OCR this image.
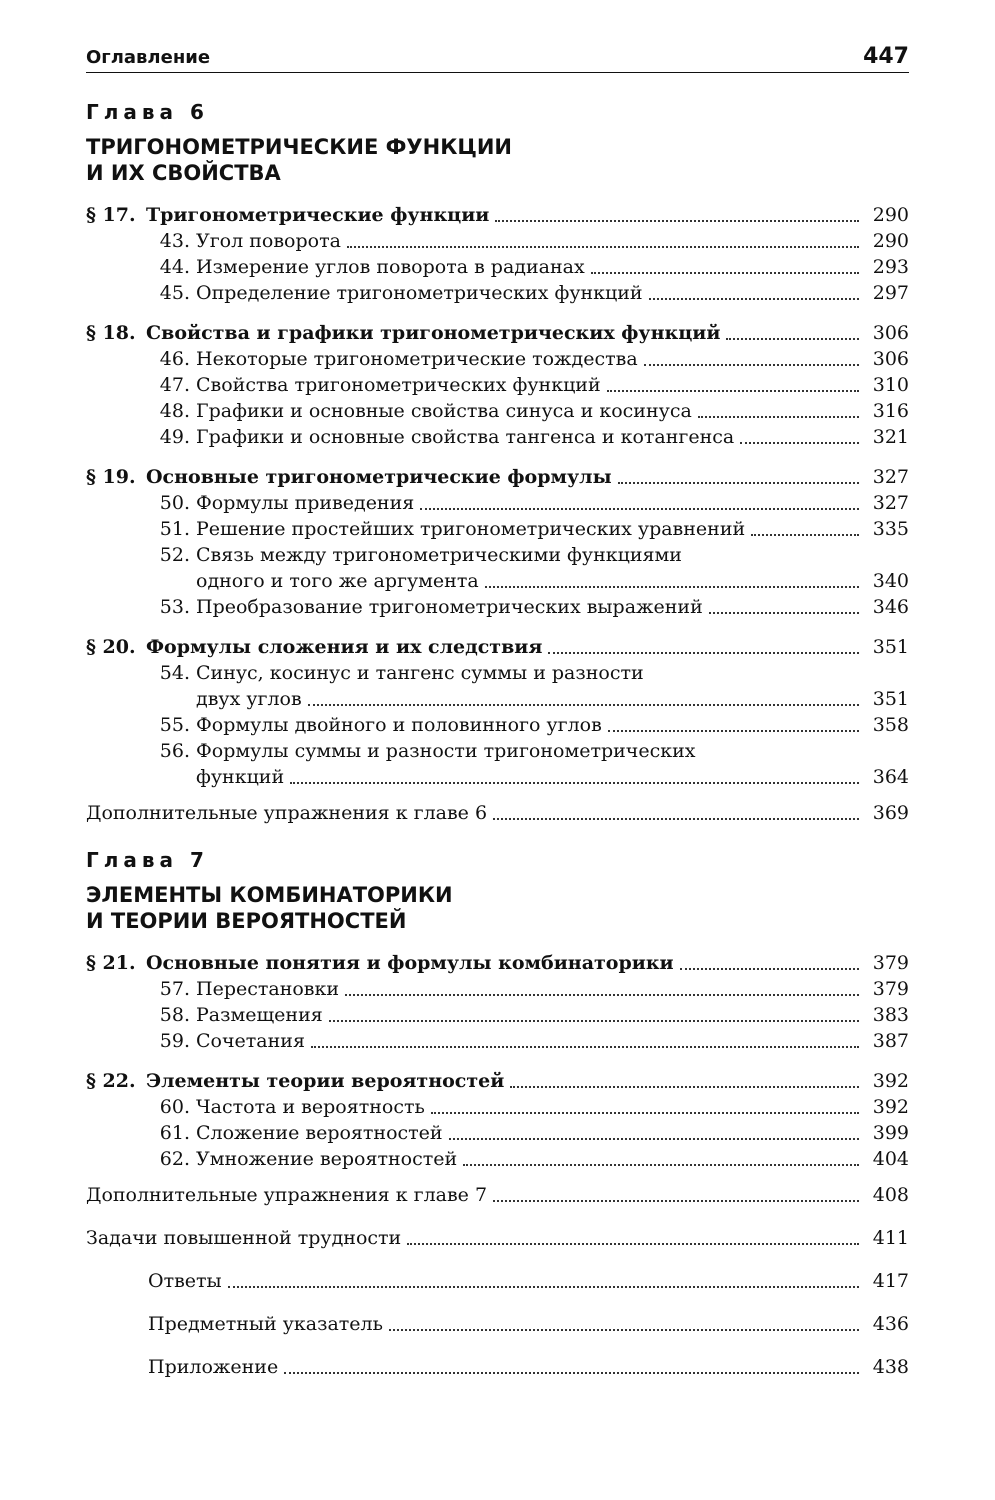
Оглавление	447
Глава 6
ТРИГОНОМЕТРИЧЕСКИЕ ФУНКЦИИ
И ИХ СВОЙСТВА
§ 17. Тригонометрические функции	290
43. Угол поворота	290
44. Измерение углов поворота в радианах	293
45. Определение тригонометрических функций	297
§ 18. Свойства и графики тригонометрических функций	306
46. Некоторые тригонометрические тождества	306
47. Свойства тригонометрических функций	310
48. Графики и основные свойства синуса и косинуса	316
49. Графики и основные свойства тангенса и котангенса	321
§ 19. Основные тригонометрические формулы	327
50. Формулы приведения	327
51. Решение простейших тригонометрических уравнений	335
52. Связь между тригонометрическими функциями
одного и того же аргумента	340
53. Преобразование тригонометрических выражений	346
§ 20. Формулы сложения и их следствия	351
54. Синус, косинус и тангенс суммы и разности
двух углов	351
55. Формулы двойного и половинного углов	358
56. Формулы суммы и разности тригонометрических
функций	364
Дополнительные упражнения к главе 6	369
Глава 7
ЭЛЕМЕНТЫ КОМБИНАТОРИКИ
И ТЕОРИИ ВЕРОЯТНОСТЕЙ
§ 21. Основные понятия и формулы комбинаторики	379
57. Перестановки	379
58. Размещения	383
59. Сочетания	387
§ 22. Элементы теории вероятностей	392
60. Частота и вероятность	392
61. Сложение вероятностей	399
62. Умножение вероятностей	404
Дополнительные упражнения к главе 7	408
Задачи повышенной трудности	411
Ответы	417
Предметный указатель	436
Приложение	438
